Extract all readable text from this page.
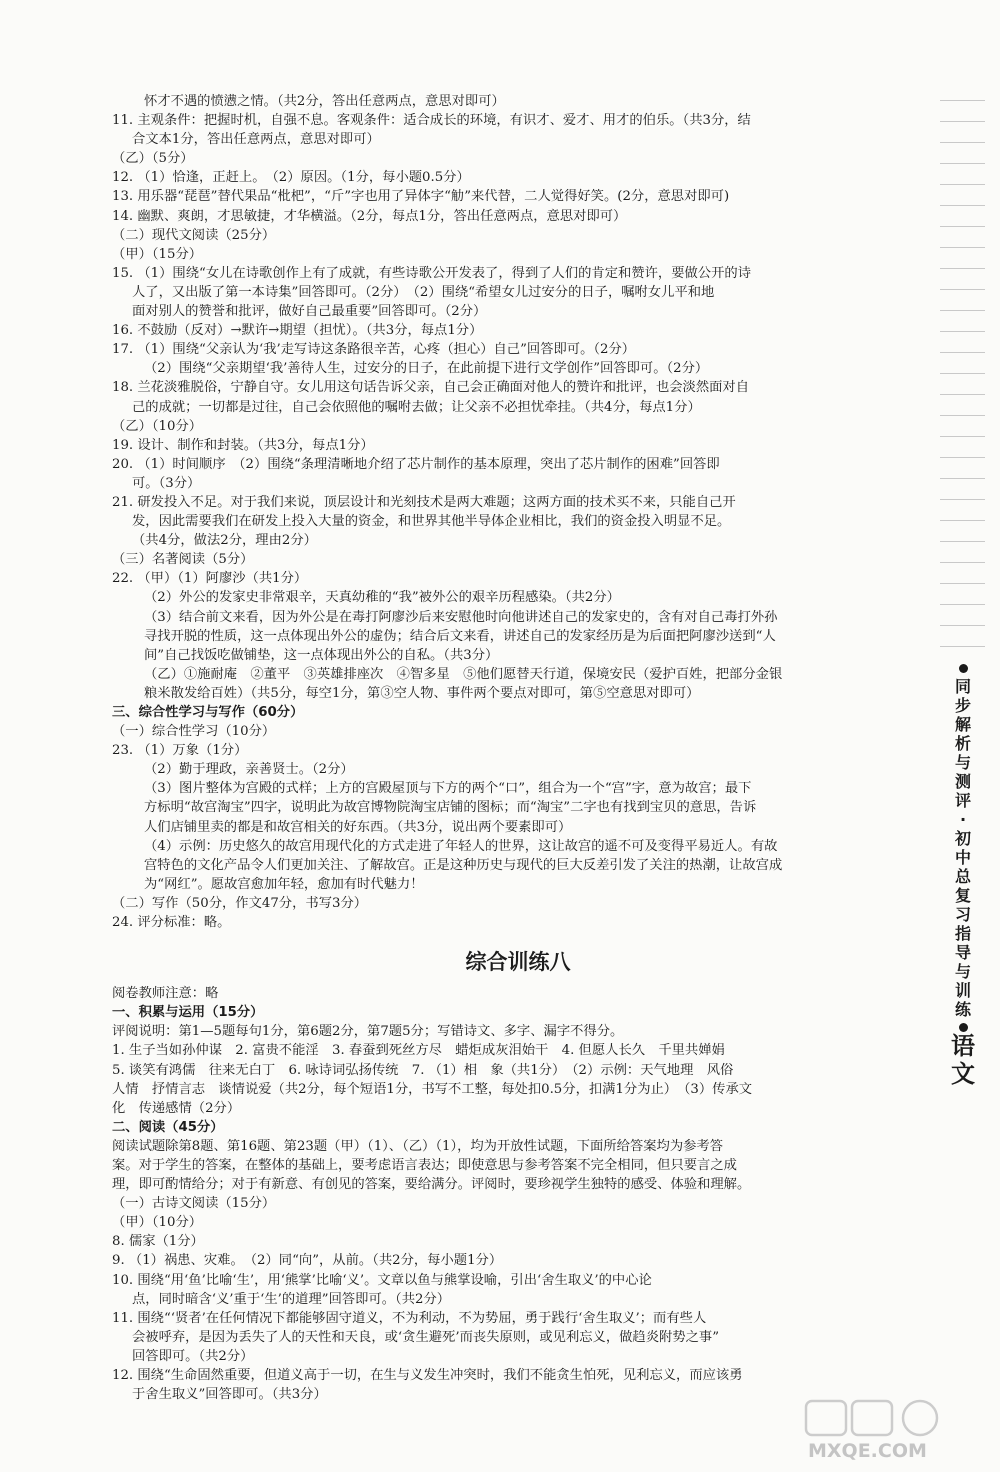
怀才不遇的愤懑之情。（共2分，答出任意两点，意思对即可）
11. 主观条件：把握时机，自强不息。客观条件：适合成长的环境，有识才、爱才、用才的伯乐。（共3分，结
合文本1分，答出任意两点，意思对即可）
（乙）（5分）
12. （1）恰逢，正赶上。　（2）原因。（1分，每小题0.5分）
13. 用乐器“琵琶”替代果品“枇杷”，“斤”字也用了异体字“觔”来代替，二人觉得好笑。(2分，意思对即可)
14. 幽默、爽朗，才思敏捷，才华横溢。（2分，每点1分，答出任意两点，意思对即可）
（二）现代文阅读（25分）
（甲）（15分）
15. （1）围绕“女儿在诗歌创作上有了成就，有些诗歌公开发表了，得到了人们的肯定和赞许，要做公开的诗
人了，又出版了第一本诗集”回答即可。（2分）　（2）围绕“希望女儿过安分的日子，嘱咐女儿平和地
面对别人的赞誉和批评，做好自己最重要”回答即可。（2分）
16. 不鼓励（反对）→默许→期望（担忧）。（共3分，每点1分）
17. （1）围绕“父亲认为‘我’走写诗这条路很辛苦，心疼（担心）自己”回答即可。（2分）
（2）围绕“父亲期望‘我’善待人生，过安分的日子，在此前提下进行文学创作”回答即可。（2分）
18. 兰花淡雅脱俗，宁静自守。女儿用这句话告诉父亲，自己会正确面对他人的赞许和批评，也会淡然面对自
己的成就；一切都是过往，自己会依照他的嘱咐去做；让父亲不必担忧牵挂。（共4分，每点1分）
（乙）（10分）
19. 设计、制作和封装。（共3分，每点1分）
20. （1）时间顺序　（2）围绕“条理清晰地介绍了芯片制作的基本原理，突出了芯片制作的困难”回答即
可。（3分）
21. 研发投入不足。对于我们来说，顶层设计和光刻技术是两大难题；这两方面的技术买不来，只能自己开
发，因此需要我们在研发上投入大量的资金，和世界其他半导体企业相比，我们的资金投入明显不足。
（共4分，做法2分，理由2分）
（三）名著阅读（5分）
22. （甲）（1）阿廖沙（共1分）
（2）外公的发家史非常艰辛，天真幼稚的“我”被外公的艰辛历程感染。（共2分）
（3）结合前文来看，因为外公是在毒打阿廖沙后来安慰他时向他讲述自己的发家史的，含有对自己毒打外孙
寻找开脱的性质，这一点体现出外公的虚伪；结合后文来看，讲述自己的发家经历是为后面把阿廖沙送到“人
间”自己找饭吃做铺垫，这一点体现出外公的自私。（共3分）
（乙）①施耐庵　②董平　③英雄排座次　④智多星　⑤他们愿替天行道，保境安民（爱护百姓，把部分金银
粮米散发给百姓）（共5分，每空1分，第③空人物、事件两个要点对即可，第⑤空意思对即可）
三、综合性学习与写作（60分）
（一）综合性学习（10分）
23. （1）万象（1分）
（2）勤于理政，亲善贤士。（2分）
（3）图片整体为宫殿的式样；上方的宫殿屋顶与下方的两个“口”，组合为一个“宫”字，意为故宫；最下
方标明“故宫淘宝”四字，说明此为故宫博物院淘宝店铺的图标；而“淘宝”二字也有找到宝贝的意思，告诉
人们店铺里卖的都是和故宫相关的好东西。（共3分，说出两个要素即可）
（4）示例：历史悠久的故宫用现代化的方式走进了年轻人的世界，这让故宫的遥不可及变得平易近人。有故
宫特色的文化产品令人们更加关注、了解故宫。正是这种历史与现代的巨大反差引发了关注的热潮，让故宫成
为“网红”。愿故宫愈加年轻，愈加有时代魅力！
（二）写作（50分，作文47分，书写3分）
24. 评分标准：略。
综合训练八
阅卷教师注意：略
一、积累与运用（15分）
评阅说明：第1—5题每句1分，第6题2分，第7题5分；写错诗文、多字、漏字不得分。
1. 生子当如孙仲谋　2. 富贵不能淫　3. 春蚕到死丝方尽　蜡炬成灰泪始干　4. 但愿人长久　千里共婵娟
5. 谈笑有鸿儒　往来无白丁　6. 咏诗词弘扬传统　7. （1）相　象（共1分）　（2）示例：天气地理　风俗
人情　抒情言志　谈情说爱（共2分，每个短语1分，书写不工整，每处扣0.5分，扣满1分为止）　（3）传承文
化　传递感情（2分）
二、阅读（45分）
阅读试题除第8题、第16题、第23题（甲）（1）、（乙）（1），均为开放性试题，下面所给答案均为参考答
案。对于学生的答案，在整体的基础上，要考虑语言表达；即使意思与参考答案不完全相同，但只要言之成
理，即可酌情给分；对于有新意、有创见的答案，要给满分。评阅时，要珍视学生独特的感受、体验和理解。
（一）古诗文阅读（15分）
（甲）（10分）
8. 儒家（1分）
9. （1）祸患、灾难。　（2）同“向”，从前。（共2分，每小题1分）
10. 围绕“用‘鱼’比喻‘生’，用‘熊掌’比喻‘义’。文章以鱼与熊掌设喻，引出‘舍生取义’的中心论
点，同时暗含‘义’重于‘生’的道理”回答即可。（共2分）
11. 围绕“‘贤者’在任何情况下都能够固守道义，不为利动，不为势屈，勇于践行‘舍生取义’；而有些人
会被呼弃，是因为丢失了人的天性和天良，或‘贪生避死’而丧失原则，或见利忘义，做趋炎附势之事”
回答即可。（共2分）
12. 围绕“生命固然重要，但道义高于一切，在生与义发生冲突时，我们不能贪生怕死，见利忘义，而应该勇
于舍生取义”回答即可。（共3分）
同
步
解
析
与
测
评
·
初
中
总
复
习
指
导
与
训
练
语
文
MXQE.COM
